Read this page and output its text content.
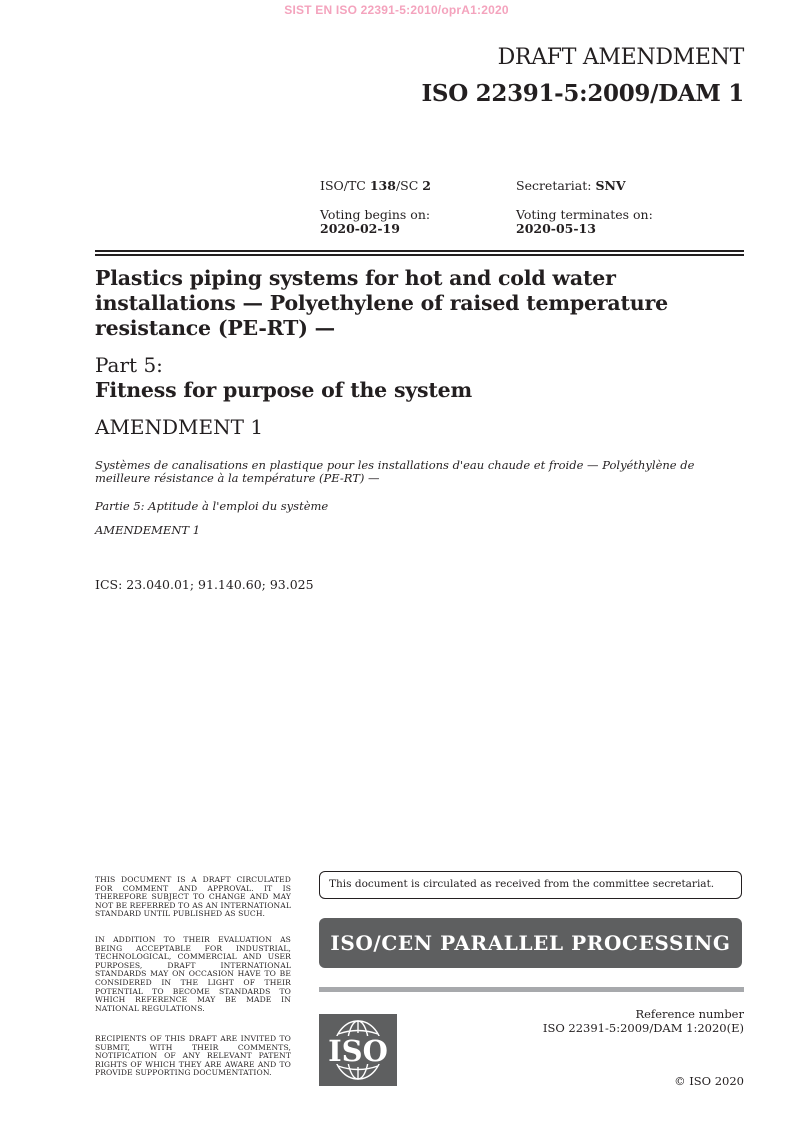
SIST EN ISO 22391-5:2010/oprA1:2020
DRAFT AMENDMENT
ISO 22391-5:2009/DAM 1
ISO/TC 138/SC 2	Secretariat: SNV
Voting begins on:
2020-02-19
Voting terminates on:
2020-05-13
Plastics piping systems for hot and cold water
installations — Polyethylene of raised temperature
resistance (PE-RT) —
Part 5:
Fitness for purpose of the system
AMENDMENT 1
Systèmes de canalisations en plastique pour les installations d'eau chaude et froide — Polyéthylène de
meilleure résistance à la température (PE-RT) —
Partie 5: Aptitude à l'emploi du système
AMENDEMENT 1
ICS: 23.040.01; 91.140.60; 93.025
THIS DOCUMENT IS A DRAFT CIRCULATED FOR COMMENT AND APPROVAL. IT IS THEREFORE SUBJECT TO CHANGE AND MAY NOT BE REFERRED TO AS AN INTERNATIONAL STANDARD UNTIL PUBLISHED AS SUCH.
IN ADDITION TO THEIR EVALUATION AS BEING ACCEPTABLE FOR INDUSTRIAL, TECHNOLOGICAL, COMMERCIAL AND USER PURPOSES, DRAFT INTERNATIONAL STANDARDS MAY ON OCCASION HAVE TO BE CONSIDERED IN THE LIGHT OF THEIR POTENTIAL TO BECOME STANDARDS TO WHICH REFERENCE MAY BE MADE IN NATIONAL REGULATIONS.
RECIPIENTS OF THIS DRAFT ARE INVITED TO SUBMIT, WITH THEIR COMMENTS, NOTIFICATION OF ANY RELEVANT PATENT RIGHTS OF WHICH THEY ARE AWARE AND TO PROVIDE SUPPORTING DOCUMENTATION.
This document is circulated as received from the committee secretariat.
ISO/CEN PARALLEL PROCESSING
ISO
Reference number
ISO 22391-5:2009/DAM 1:2020(E)
© ISO 2020
